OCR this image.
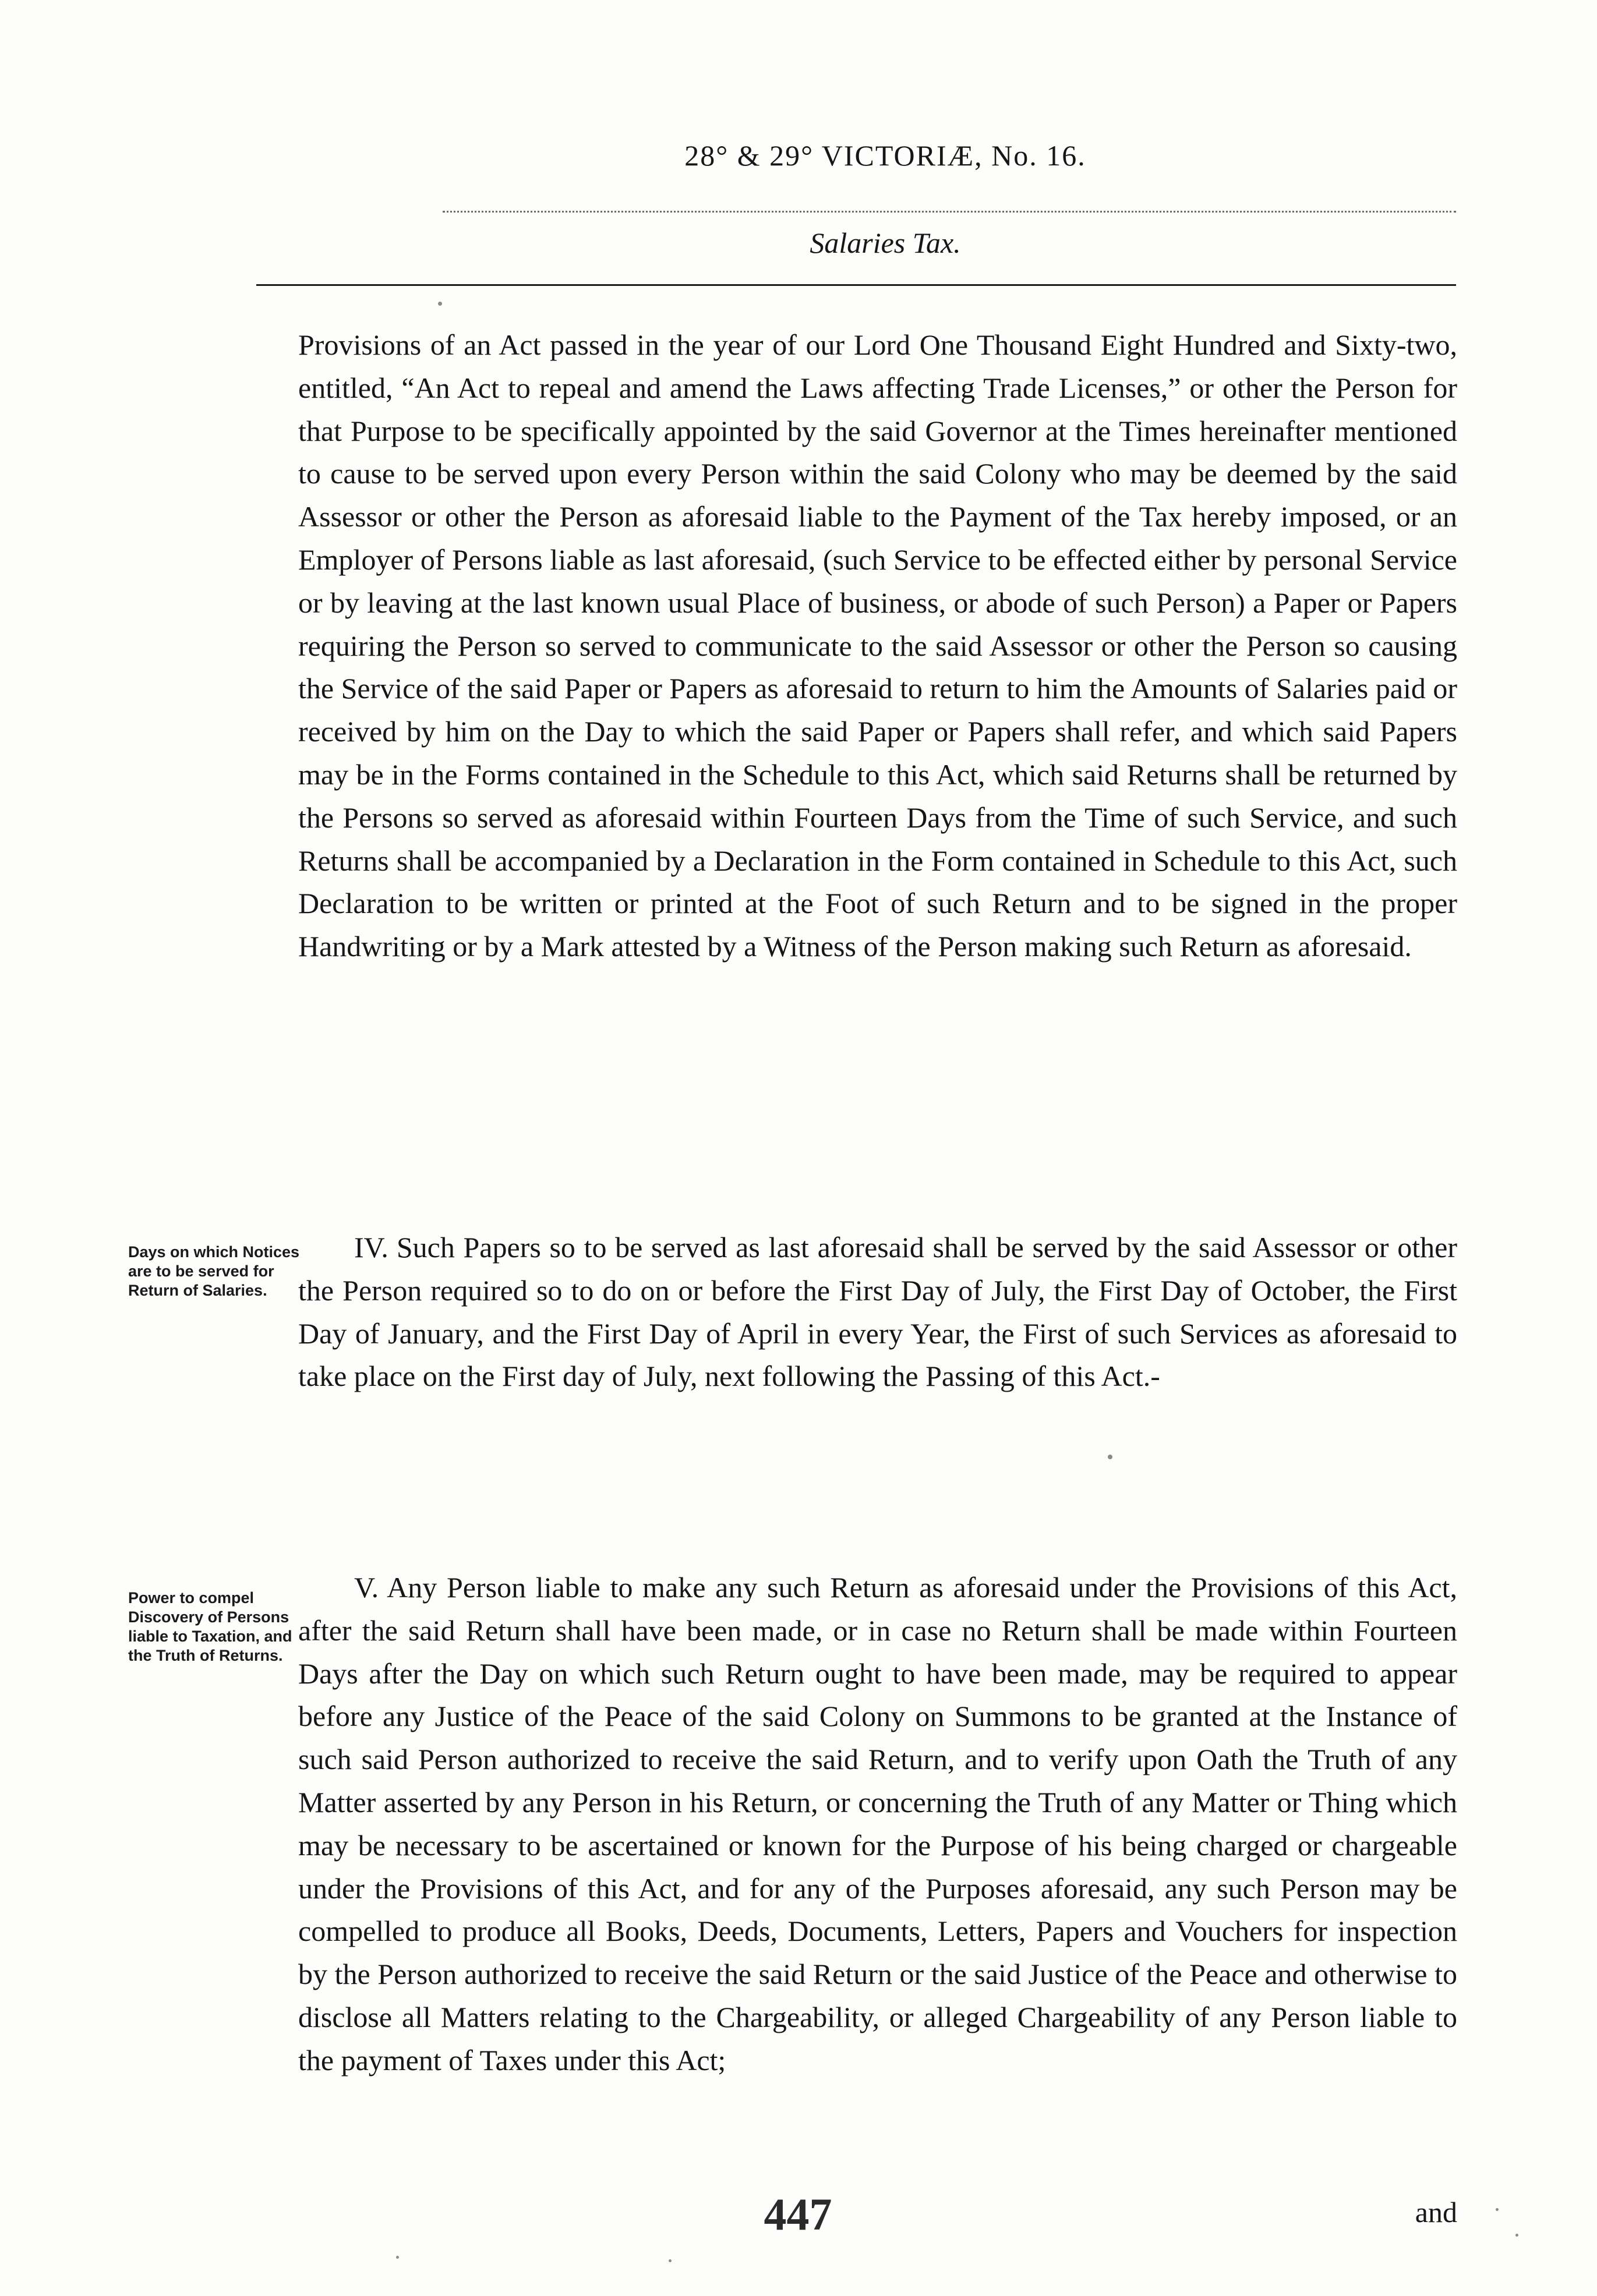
28° & 29° VICTORIÆ, No. 16.
Salaries Tax.
Provisions of an Act passed in the year of our Lord One Thousand Eight Hundred and Sixty-two, entitled, “An Act to repeal and amend the Laws affecting Trade Licenses,” or other the Person for that Purpose to be specifically appointed by the said Governor at the Times hereinafter mentioned to cause to be served upon every Person within the said Colony who may be deemed by the said Assessor or other the Person as aforesaid liable to the Payment of the Tax hereby imposed, or an Employer of Persons liable as last aforesaid, (such Service to be effected either by personal Service or by leaving at the last known usual Place of business, or abode of such Person) a Paper or Papers requiring the Person so served to communicate to the said Assessor or other the Person so causing the Service of the said Paper or Papers as aforesaid to return to him the Amounts of Salaries paid or received by him on the Day to which the said Paper or Papers shall refer, and which said Papers may be in the Forms contained in the Schedule to this Act, which said Returns shall be returned by the Persons so served as aforesaid within Fourteen Days from the Time of such Service, and such Returns shall be accompanied by a Declaration in the Form contained in Schedule to this Act, such Declaration to be written or printed at the Foot of such Return and to be signed in the proper Handwriting or by a Mark attested by a Witness of the Person making such Return as aforesaid.
Days on which Notices are to be served for Return of Salaries.
IV. Such Papers so to be served as last aforesaid shall be served by the said Assessor or other the Person required so to do on or before the First Day of July, the First Day of October, the First Day of January, and the First Day of April in every Year, the First of such Services as aforesaid to take place on the First day of July, next following the Passing of this Act.-
Power to compel Discovery of Persons liable to Taxation, and the Truth of Returns.
V. Any Person liable to make any such Return as aforesaid under the Provisions of this Act, after the said Return shall have been made, or in case no Return shall be made within Fourteen Days after the Day on which such Return ought to have been made, may be required to appear before any Justice of the Peace of the said Colony on Summons to be granted at the Instance of such said Person authorized to receive the said Return, and to verify upon Oath the Truth of any Matter asserted by any Person in his Return, or concerning the Truth of any Matter or Thing which may be necessary to be ascertained or known for the Purpose of his being charged or chargeable under the Provisions of this Act, and for any of the Purposes aforesaid, any such Person may be compelled to produce all Books, Deeds, Documents, Letters, Papers and Vouchers for inspection by the Person authorized to receive the said Return or the said Justice of the Peace and otherwise to disclose all Matters relating to the Chargeability, or alleged Chargeability of any Person liable to the payment of Taxes under this Act;
447	and
